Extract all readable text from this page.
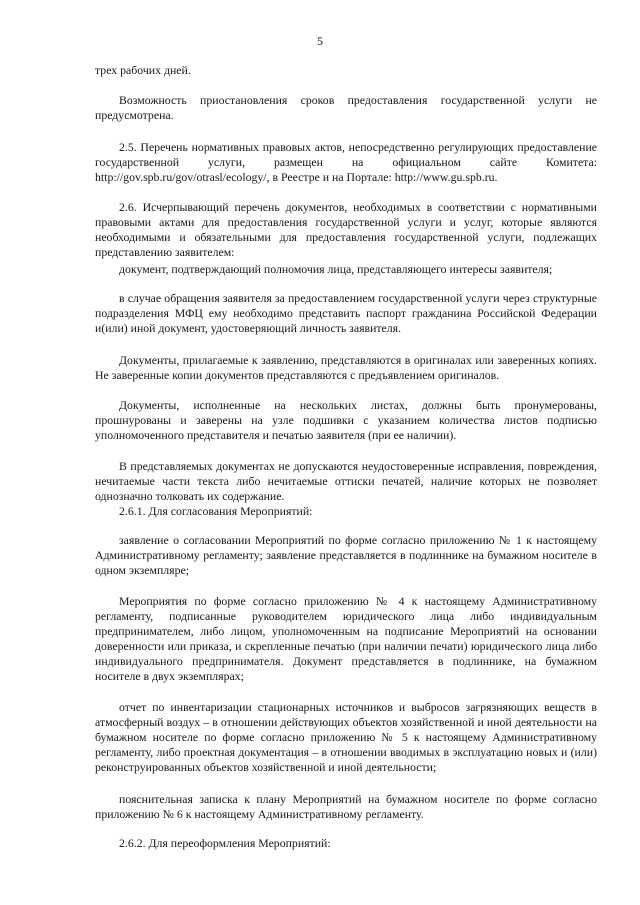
5

трех рабочих дней.

Возможность приостановления сроков предоставления государственной услуги не предусмотрена.

2.5. Перечень нормативных правовых актов, непосредственно регулирующих предоставление государственной услуги, размещен на официальном сайте Комитета: http://gov.spb.ru/gov/otrasl/ecology/, в Реестре и на Портале: http://www.gu.spb.ru.

2.6. Исчерпывающий перечень документов, необходимых в соответствии с нормативными правовыми актами для предоставления государственной услуги и услуг, которые являются необходимыми и обязательными для предоставления государственной услуги, подлежащих представлению заявителем:

документ, подтверждающий полномочия лица, представляющего интересы заявителя;

в случае обращения заявителя за предоставлением государственной услуги через структурные подразделения МФЦ ему необходимо представить паспорт гражданина Российской Федерации и(или) иной документ, удостоверяющий личность заявителя.

Документы, прилагаемые к заявлению, представляются в оригиналах или заверенных копиях. Не заверенные копии документов представляются с предъявлением оригиналов.

Документы, исполненные на нескольких листах, должны быть пронумерованы, прошнурованы и заверены на узле подшивки с указанием количества листов подписью уполномоченного представителя и печатью заявителя (при ее наличии).

В представляемых документах не допускаются неудостоверенные исправления, повреждения, нечитаемые части текста либо нечитаемые оттиски печатей, наличие которых не позволяет однозначно толковать их содержание.

2.6.1. Для согласования Мероприятий:

заявление о согласовании Мероприятий по форме согласно приложению № 1 к настоящему Административному регламенту; заявление представляется в подлиннике на бумажном носителе в одном экземпляре;

Мероприятия по форме согласно приложению № 4 к настоящему Административному регламенту, подписанные руководителем юридического лица либо индивидуальным предпринимателем, либо лицом, уполномоченным на подписание Мероприятий на основании доверенности или приказа, и скрепленные печатью (при наличии печати) юридического лица либо индивидуального предпринимателя. Документ представляется в подлиннике, на бумажном носителе в двух экземплярах;

отчет по инвентаризации стационарных источников и выбросов загрязняющих веществ в атмосферный воздух – в отношении действующих объектов хозяйственной и иной деятельности на бумажном носителе по форме согласно приложению № 5 к настоящему Административному регламенту, либо проектная документация – в отношении вводимых в эксплуатацию новых и (или) реконструированных объектов хозяйственной и иной деятельности;

пояснительная записка к плану Мероприятий на бумажном носителе по форме согласно приложению № 6 к настоящему Административному регламенту.

2.6.2. Для переоформления Мероприятий:
